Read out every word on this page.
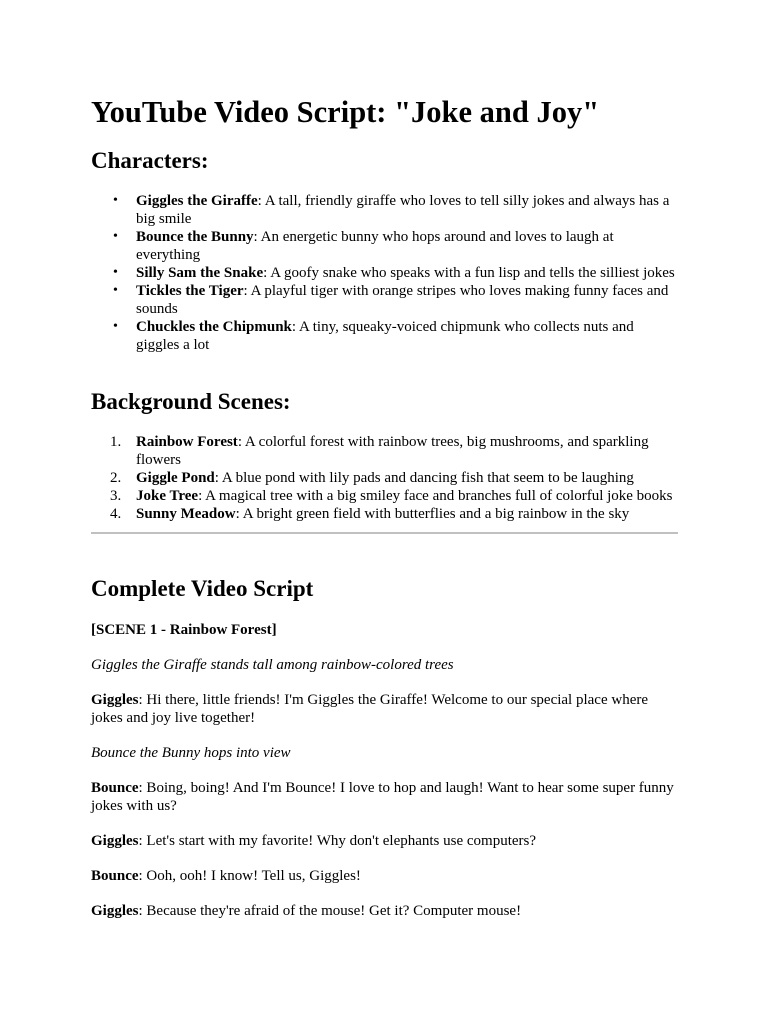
YouTube Video Script: "Joke and Joy"
Characters:
•	Giggles the Giraffe: A tall, friendly giraffe who loves to tell silly jokes and always has a big smile
•	Bounce the Bunny: An energetic bunny who hops around and loves to laugh at everything
•	Silly Sam the Snake: A goofy snake who speaks with a fun lisp and tells the silliest jokes
•	Tickles the Tiger: A playful tiger with orange stripes who loves making funny faces and sounds
•	Chuckles the Chipmunk: A tiny, squeaky-voiced chipmunk who collects nuts and giggles a lot
Background Scenes:
1. Rainbow Forest: A colorful forest with rainbow trees, big mushrooms, and sparkling flowers
2. Giggle Pond: A blue pond with lily pads and dancing fish that seem to be laughing
3. Joke Tree: A magical tree with a big smiley face and branches full of colorful joke books
4. Sunny Meadow: A bright green field with butterflies and a big rainbow in the sky
Complete Video Script

[SCENE 1 - Rainbow Forest]

Giggles the Giraffe stands tall among rainbow-colored trees

Giggles: Hi there, little friends! I'm Giggles the Giraffe! Welcome to our special place where jokes and joy live together!

Bounce the Bunny hops into view

Bounce: Boing, boing! And I'm Bounce! I love to hop and laugh! Want to hear some super funny jokes with us?

Giggles: Let's start with my favorite! Why don't elephants use computers?

Bounce: Ooh, ooh! I know! Tell us, Giggles!

Giggles: Because they're afraid of the mouse! Get it? Computer mouse!
